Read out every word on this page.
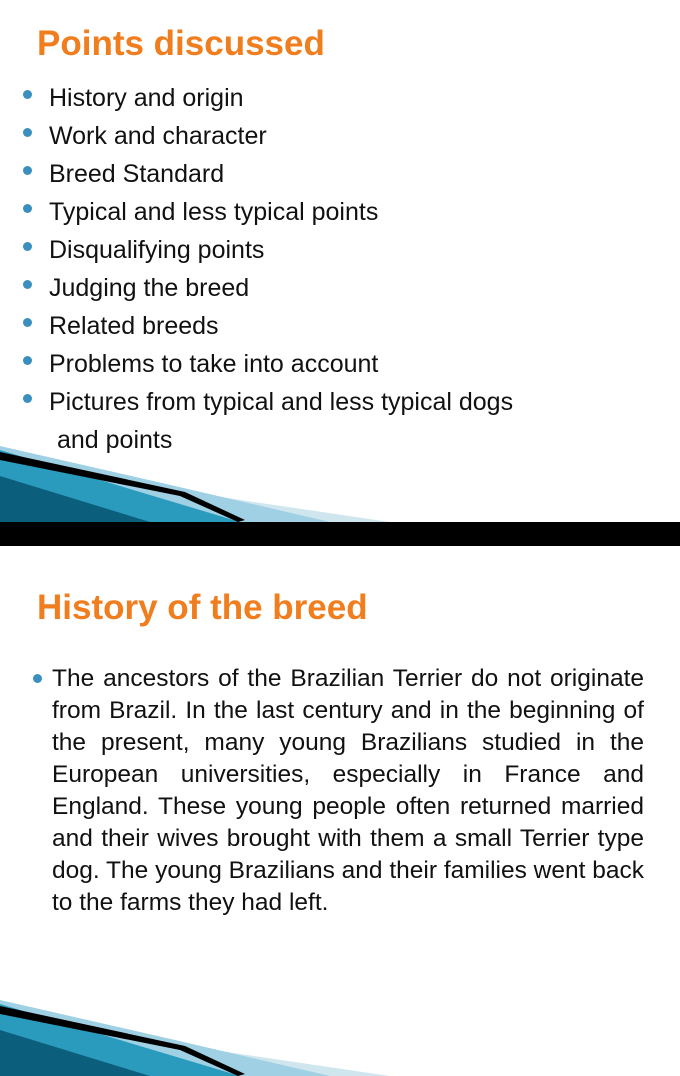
Points discussed
History and origin
Work and character
Breed Standard
Typical and less typical points
Disqualifying points
Judging the breed
Related breeds
Problems to take into account
Pictures from typical and less typical dogs
and points
History of the breed

The ancestors of the Brazilian Terrier do not originate from Brazil. In the last century and in the beginning of the present, many young Brazilians studied in the European universities, especially in France and England. These young people often returned married and their wives brought with them a small Terrier type dog. The young Brazilians and their families went back to the farms they had left.
